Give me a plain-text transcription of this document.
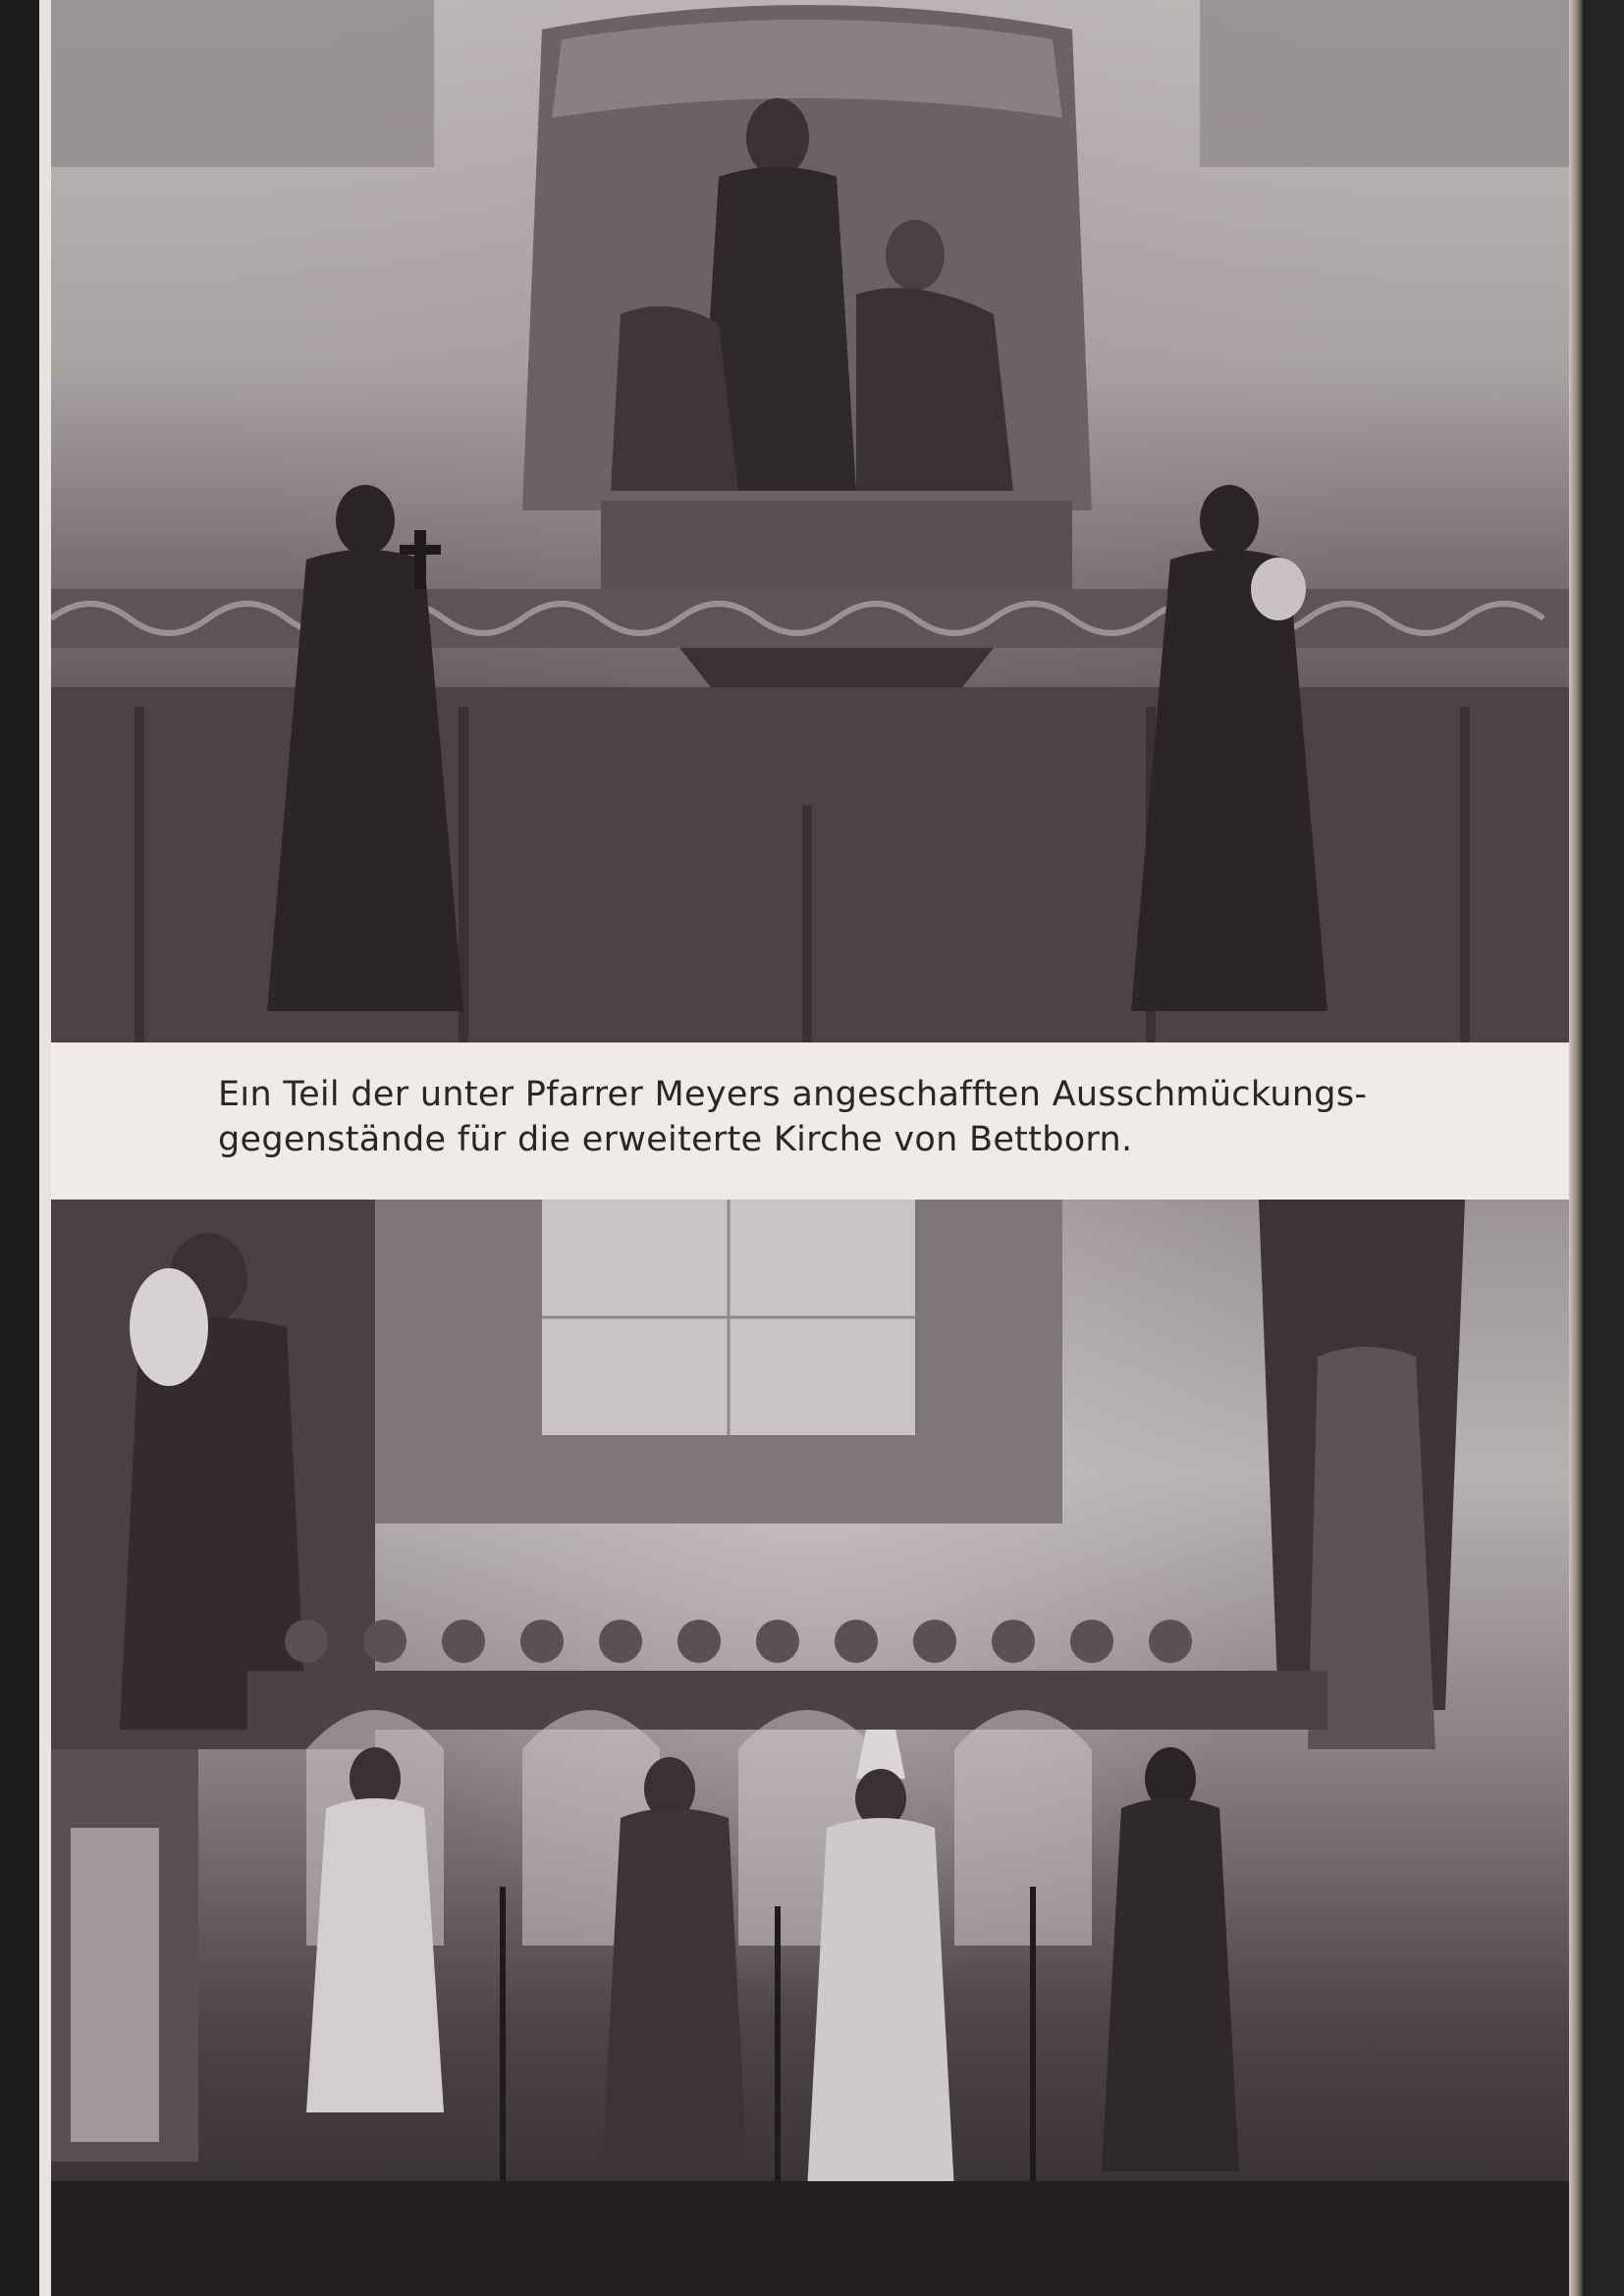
Eın Teil der unter Pfarrer Meyers angeschafften Ausschmückungs-
gegenstände für die erweiterte Kirche von Bettborn.
